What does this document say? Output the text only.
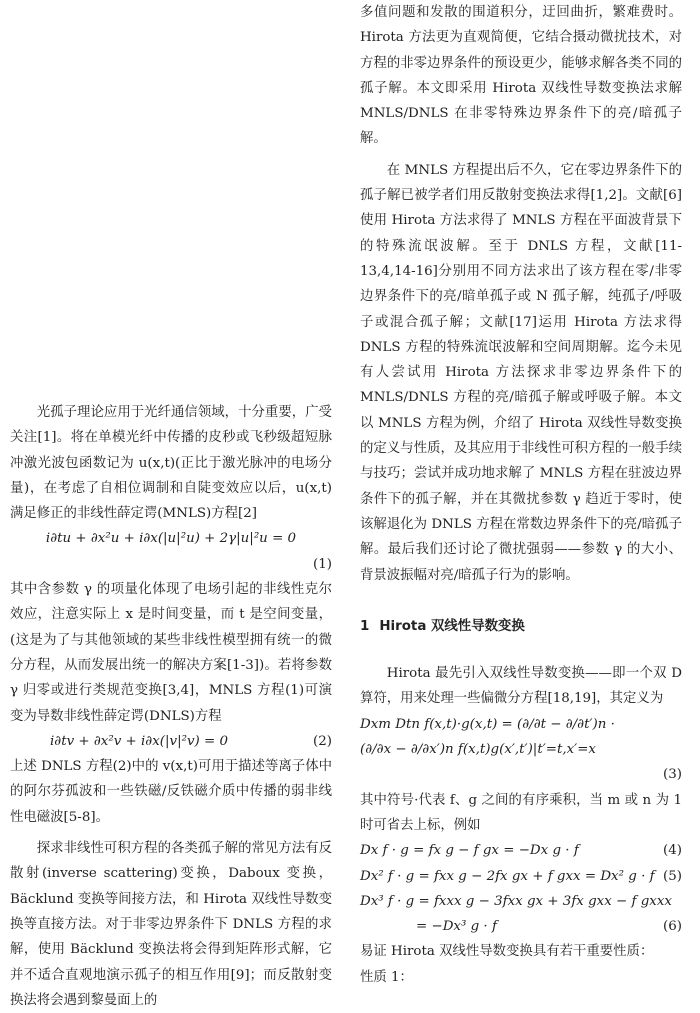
光孤子理论应用于光纤通信领域，十分重要，广受关注[1]。将在单模光纤中传播的皮秒或飞秒级超短脉冲激光波包函数记为 u(x,t)(正比于激光脉冲的电场分量)，在考虑了自相位调制和自陡变效应以后，u(x,t)满足修正的非线性薛定谔(MNLS)方程[2]

i∂tu + ∂x²u + i∂x(|u|²u) + 2γ|u|²u = 0
(1)

其中含参数 γ 的项量化体现了电场引起的非线性克尔效应，注意实际上 x 是时间变量，而 t 是空间变量，(这是为了与其他领域的某些非线性模型拥有统一的微分方程，从而发展出统一的解决方案[1-3])。若将参数 γ 归零或进行类规范变换[3,4]，MNLS 方程(1)可演变为导数非线性薛定谔(DNLS)方程

i∂tv + ∂x²v + i∂x(|v|²v) = 0	(2)

上述 DNLS 方程(2)中的 v(x,t)可用于描述等离子体中的阿尔芬孤波和一些铁磁/反铁磁介质中传播的弱非线性电磁波[5-8]。

探求非线性可积方程的各类孤子解的常见方法有反散射(inverse scattering)变换，Daboux 变换，Bäcklund 变换等间接方法，和 Hirota 双线性导数变换等直接方法。对于非零边界条件下 DNLS 方程的求解，使用 Bäcklund 变换法将会得到矩阵形式解，它并不适合直观地演示孤子的相互作用[9]；而反散射变换法将会遇到黎曼面上的

多值问题和发散的围道积分，迂回曲折，繁难费时。Hirota 方法更为直观简便，它结合摄动微扰技术，对方程的非零边界条件的预设更少，能够求解各类不同的孤子解。本文即采用 Hirota 双线性导数变换法求解 MNLS/DNLS 在非零特殊边界条件下的亮/暗孤子解。

在 MNLS 方程提出后不久，它在零边界条件下的孤子解已被学者们用反散射变换法求得[1,2]。文献[6]使用 Hirota 方法求得了 MNLS 方程在平面波背景下的特殊流氓波解。至于 DNLS 方程，文献[11-13,4,14-16]分别用不同方法求出了该方程在零/非零边界条件下的亮/暗单孤子或 N 孤子解，纯孤子/呼吸子或混合孤子解；文献[17]运用 Hirota 方法求得 DNLS 方程的特殊流氓波解和空间周期解。迄今未见有人尝试用 Hirota 方法探求非零边界条件下的 MNLS/DNLS 方程的亮/暗孤子解或呼吸子解。本文以 MNLS 方程为例，介绍了 Hirota 双线性导数变换的定义与性质，及其应用于非线性可积方程的一般手续与技巧；尝试并成功地求解了 MNLS 方程在驻波边界条件下的孤子解，并在其微扰参数 γ 趋近于零时，使该解退化为 DNLS 方程在常数边界条件下的亮/暗孤子解。最后我们还讨论了微扰强弱——参数 γ 的大小、背景波振幅对亮/暗孤子行为的影响。

1 Hirota 双线性导数变换

Hirota 最先引入双线性导数变换——即一个双 D 算符，用来处理一些偏微分方程[18,19]，其定义为

Dxm Dtn f(x,t)·g(x,t) = (∂/∂t − ∂/∂t′)n ·
(∂/∂x − ∂/∂x′)n f(x,t)g(x′,t′)|t′=t,x′=x
(3)

其中符号·代表 f、g 之间的有序乘积，当 m 或 n 为 1 时可省去上标，例如

Dx f · g = fx g − f gx = −Dx g · f	(4)
Dx² f · g = fxx g − 2fx gx + f gxx = Dx² g · f (5)
Dx³ f · g = fxxx g − 3fxx gx + 3fx gxx − f gxxx
= −Dx³ g · f	(6)

易证 Hirota 双线性导数变换具有若干重要性质：

性质 1：
